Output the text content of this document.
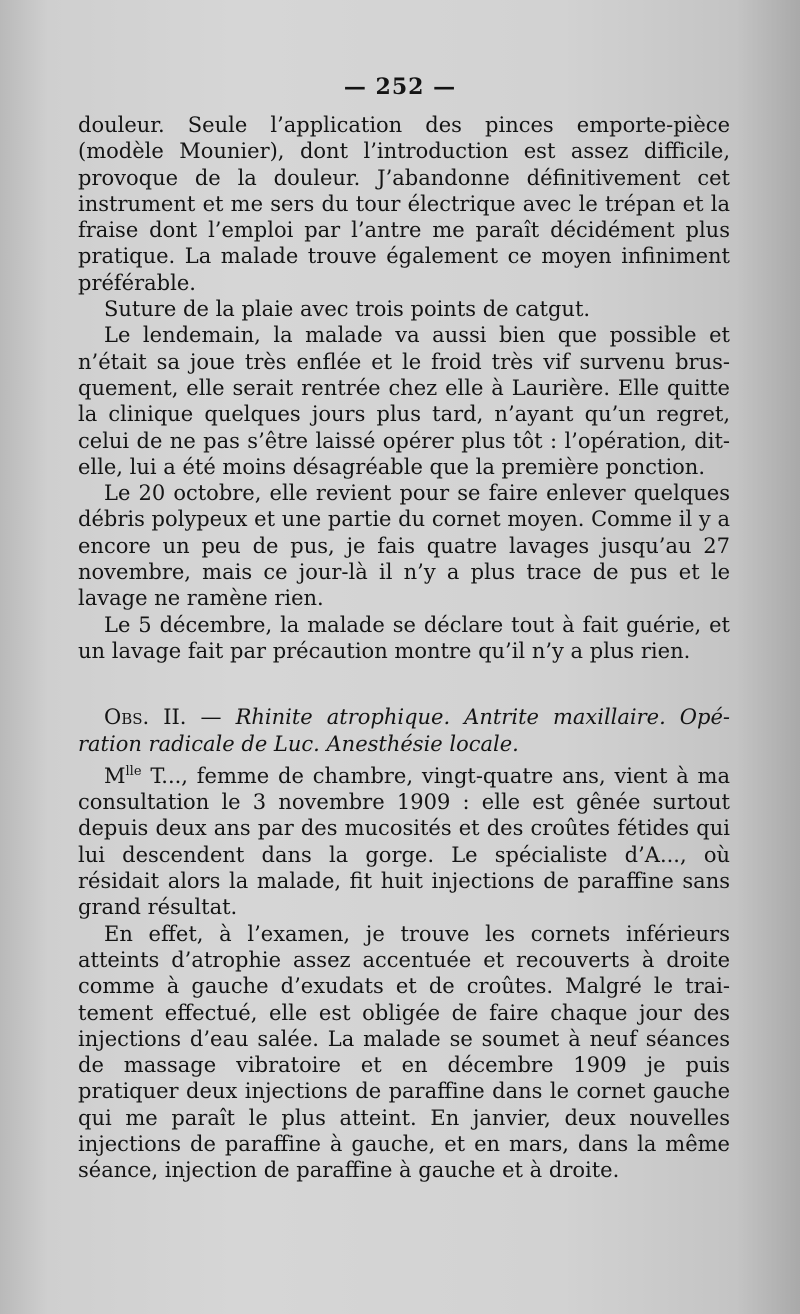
— 252 —

douleur. Seule l’application des pinces emporte-pièce (modèle Mounier), dont l’introduction est assez difficile, provoque de la douleur. J’abandonne définitivement cet instrument et me sers du tour électrique avec le trépan et la fraise dont l’emploi par l’antre me paraît décidément plus pratique. La malade trouve également ce moyen infiniment préférable.

Suture de la plaie avec trois points de catgut.

Le lendemain, la malade va aussi bien que possible et n’était sa joue très enflée et le froid très vif survenu brusquement, elle serait rentrée chez elle à Laurière. Elle quitte la clinique quelques jours plus tard, n’ayant qu’un regret, celui de ne pas s’être laissé opérer plus tôt : l’opération, dit-elle, lui a été moins désagréable que la première ponction.

Le 20 octobre, elle revient pour se faire enlever quelques débris polypeux et une partie du cornet moyen. Comme il y a encore un peu de pus, je fais quatre lavages jusqu’au 27 novembre, mais ce jour-là il n’y a plus trace de pus et le lavage ne ramène rien.

Le 5 décembre, la malade se déclare tout à fait guérie, et un lavage fait par précaution montre qu’il n’y a plus rien.

Obs. II. — Rhinite atrophique. Antrite maxillaire. Opération radicale de Luc. Anesthésie locale.

$M^{lle}$ T..., femme de chambre, vingt-quatre ans, vient à ma consultation le 3 novembre 1909 : elle est gênée surtout depuis deux ans par des mucosités et des croûtes fétides qui lui descendent dans la gorge. Le spécialiste d’A..., où résidait alors la malade, fit huit injections de paraffine sans grand résultat.

En effet, à l’examen, je trouve les cornets inférieurs atteints d’atrophie assez accentuée et recouverts à droite comme à gauche d’exudats et de croûtes. Malgré le traitement effectué, elle est obligée de faire chaque jour des injections d’eau salée. La malade se soumet à neuf séances de massage vibratoire et en décembre 1909 je puis pratiquer deux injections de paraffine dans le cornet gauche qui me paraît le plus atteint. En janvier, deux nouvelles injections de paraffine à gauche, et en mars, dans la même séance, injection de paraffine à gauche et à droite.
